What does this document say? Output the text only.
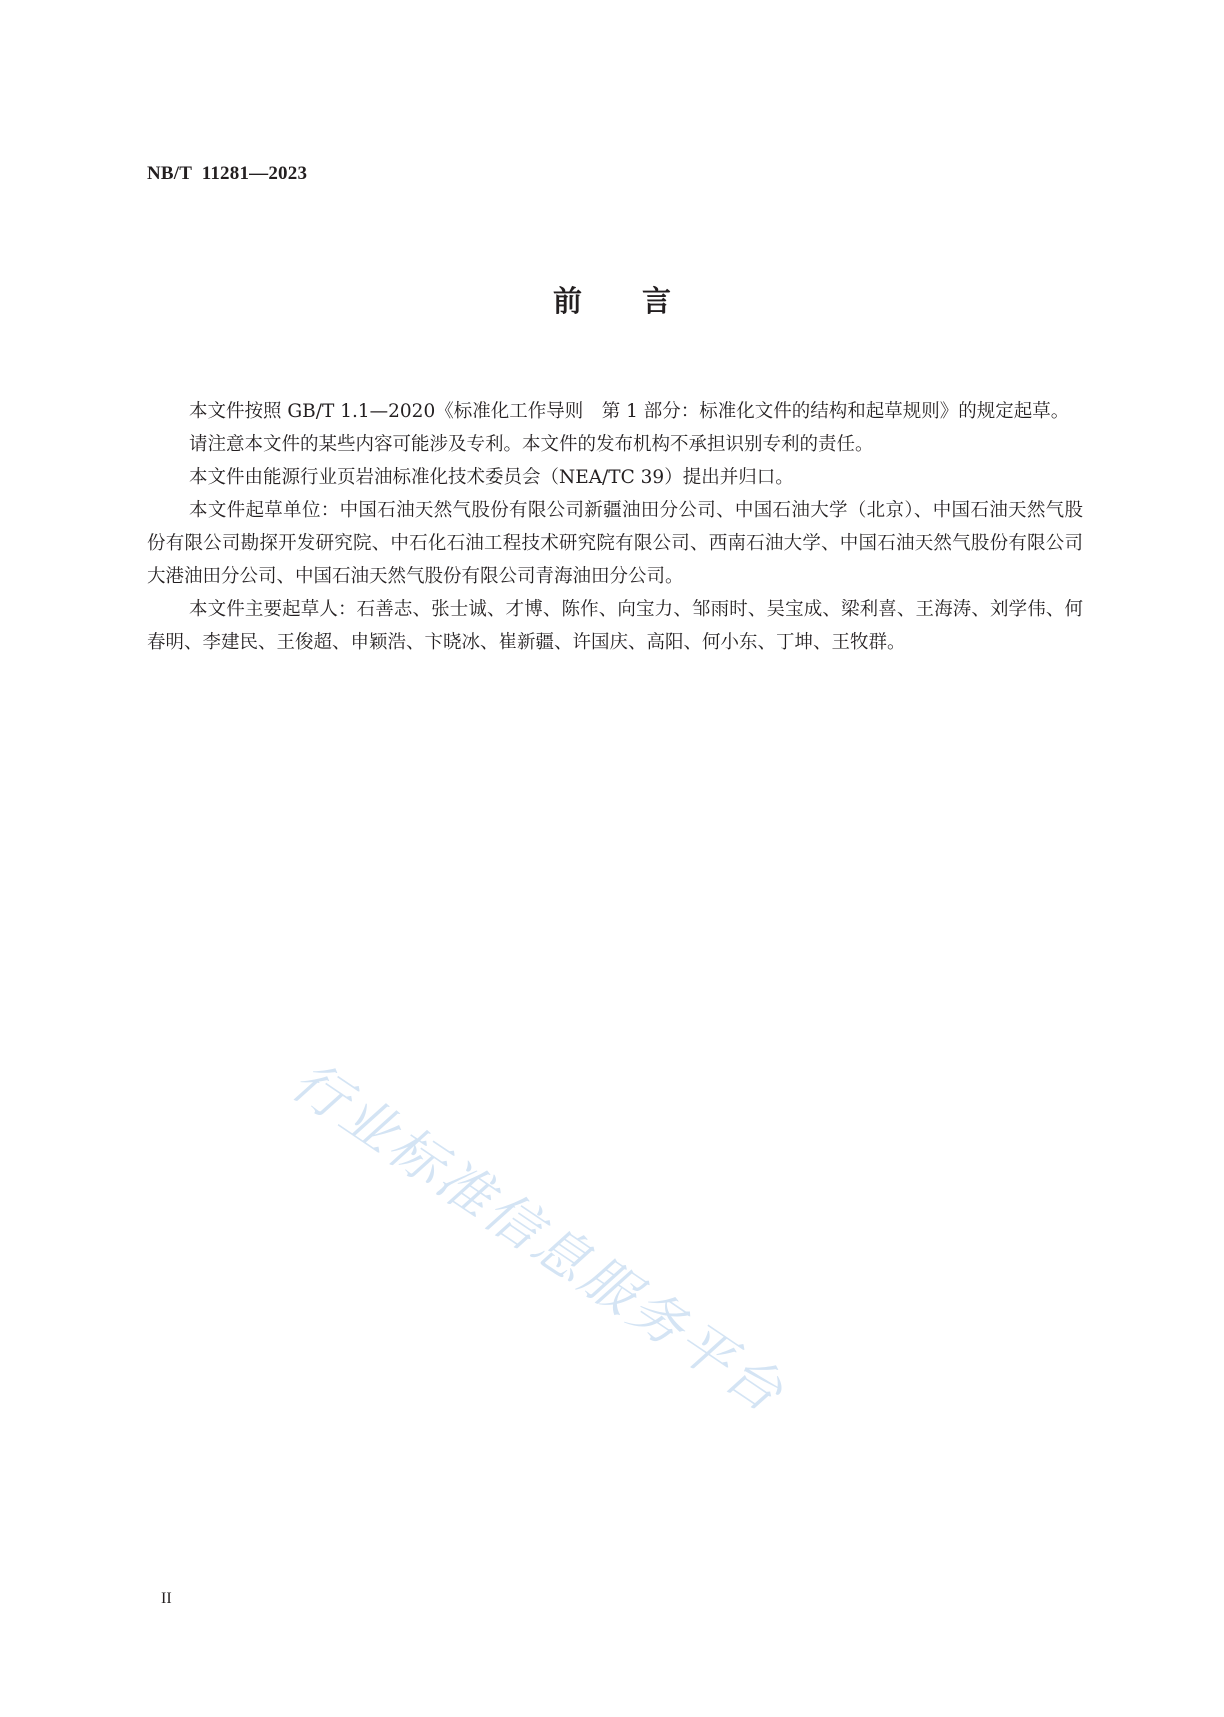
NB/T  11281—2023
前 言

本文件按照 GB/T 1.1—2020《标准化工作导则　第 1 部分：标准化文件的结构和起草规则》的规定起草。

请注意本文件的某些内容可能涉及专利。本文件的发布机构不承担识别专利的责任。

本文件由能源行业页岩油标准化技术委员会（NEA/TC 39）提出并归口。

本文件起草单位：中国石油天然气股份有限公司新疆油田分公司、中国石油大学（北京）、中国石油天然气股份有限公司勘探开发研究院、中石化石油工程技术研究院有限公司、西南石油大学、中国石油天然气股份有限公司大港油田分公司、中国石油天然气股份有限公司青海油田分公司。

本文件主要起草人：石善志、张士诚、才博、陈作、向宝力、邹雨时、吴宝成、梁利喜、王海涛、刘学伟、何春明、李建民、王俊超、申颖浩、卞晓冰、崔新疆、许国庆、高阳、何小东、丁坤、王牧群。

行业标准信息服务平台
II
